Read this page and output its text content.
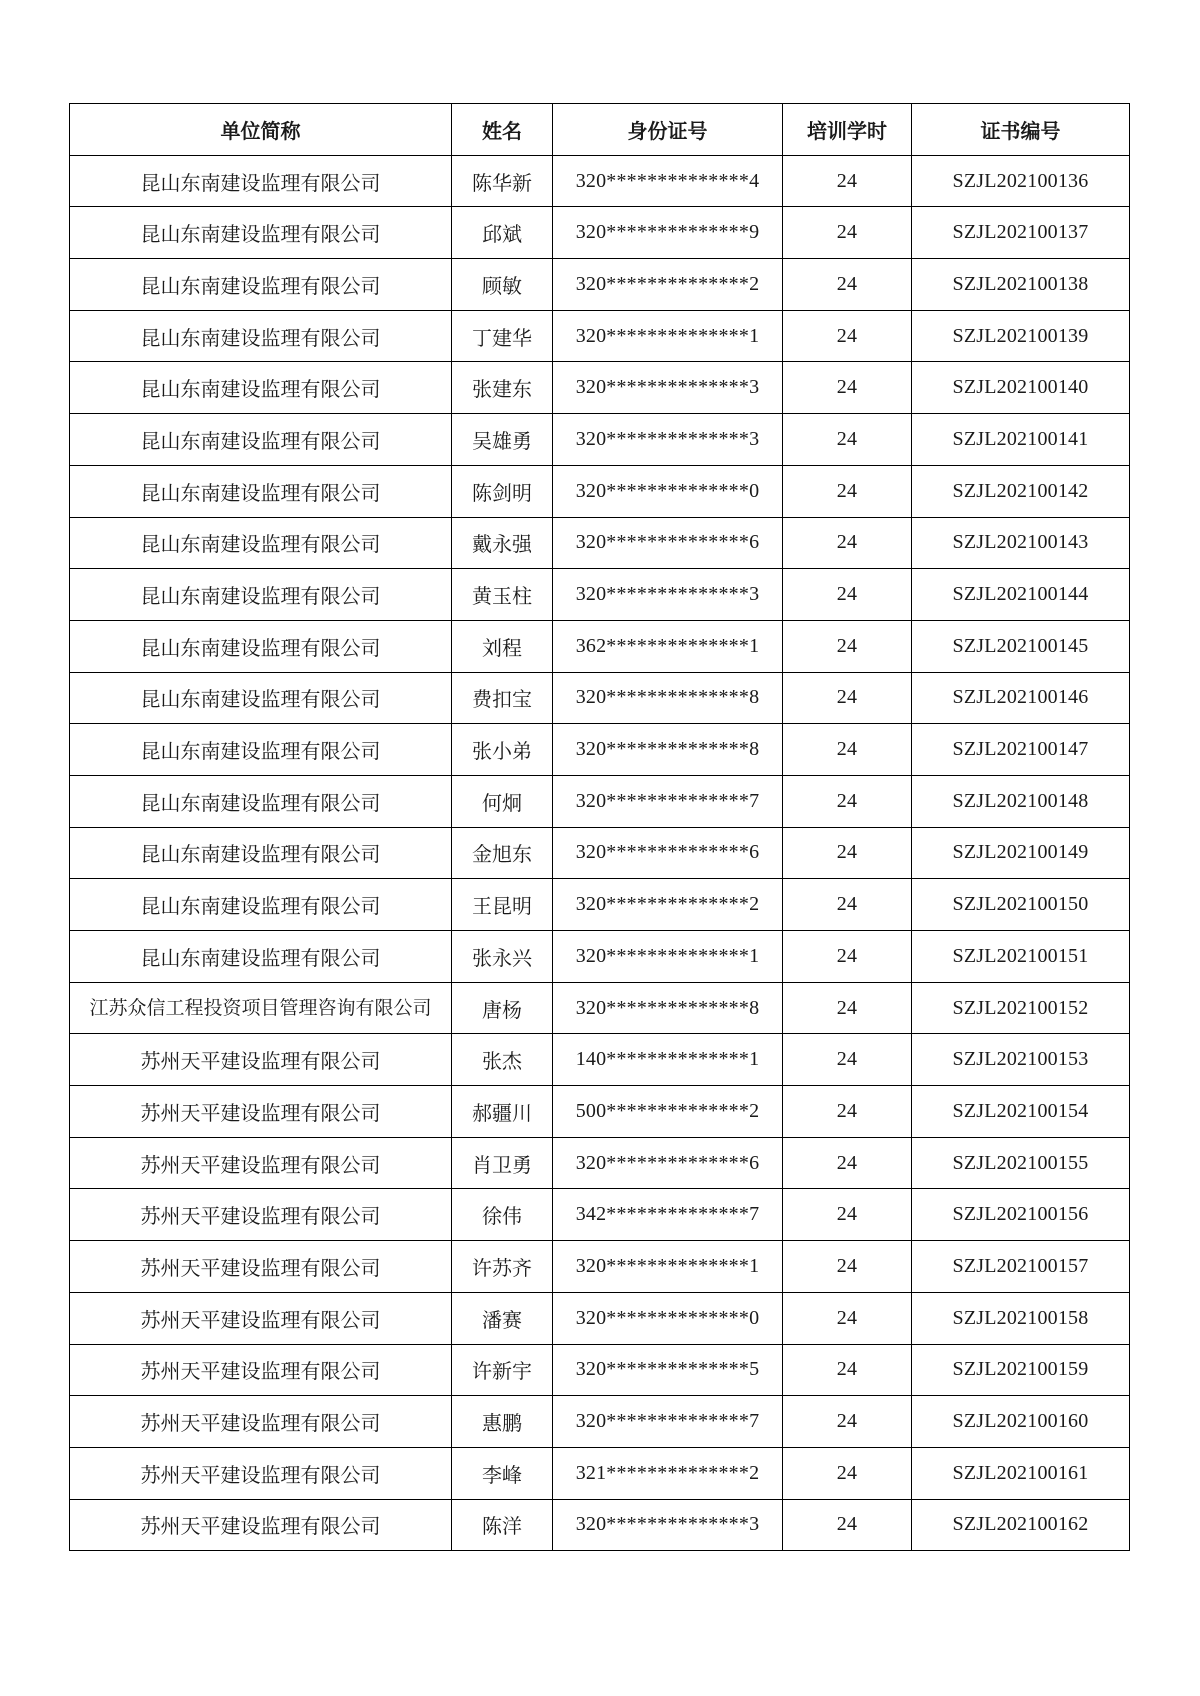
单位简称	姓名	身份证号	培训学时	证书编号
昆山东南建设监理有限公司	陈华新	320**************4	24	SZJL202100136
昆山东南建设监理有限公司	邱斌	320**************9	24	SZJL202100137
昆山东南建设监理有限公司	顾敏	320**************2	24	SZJL202100138
昆山东南建设监理有限公司	丁建华	320**************1	24	SZJL202100139
昆山东南建设监理有限公司	张建东	320**************3	24	SZJL202100140
昆山东南建设监理有限公司	吴雄勇	320**************3	24	SZJL202100141
昆山东南建设监理有限公司	陈剑明	320**************0	24	SZJL202100142
昆山东南建设监理有限公司	戴永强	320**************6	24	SZJL202100143
昆山东南建设监理有限公司	黄玉柱	320**************3	24	SZJL202100144
昆山东南建设监理有限公司	刘程	362**************1	24	SZJL202100145
昆山东南建设监理有限公司	费扣宝	320**************8	24	SZJL202100146
昆山东南建设监理有限公司	张小弟	320**************8	24	SZJL202100147
昆山东南建设监理有限公司	何炯	320**************7	24	SZJL202100148
昆山东南建设监理有限公司	金旭东	320**************6	24	SZJL202100149
昆山东南建设监理有限公司	王昆明	320**************2	24	SZJL202100150
昆山东南建设监理有限公司	张永兴	320**************1	24	SZJL202100151
江苏众信工程投资项目管理咨询有限公司	唐杨	320**************8	24	SZJL202100152
苏州天平建设监理有限公司	张杰	140**************1	24	SZJL202100153
苏州天平建设监理有限公司	郝疆川	500**************2	24	SZJL202100154
苏州天平建设监理有限公司	肖卫勇	320**************6	24	SZJL202100155
苏州天平建设监理有限公司	徐伟	342**************7	24	SZJL202100156
苏州天平建设监理有限公司	许苏齐	320**************1	24	SZJL202100157
苏州天平建设监理有限公司	潘赛	320**************0	24	SZJL202100158
苏州天平建设监理有限公司	许新宇	320**************5	24	SZJL202100159
苏州天平建设监理有限公司	惠鹏	320**************7	24	SZJL202100160
苏州天平建设监理有限公司	李峰	321**************2	24	SZJL202100161
苏州天平建设监理有限公司	陈洋	320**************3	24	SZJL202100162
